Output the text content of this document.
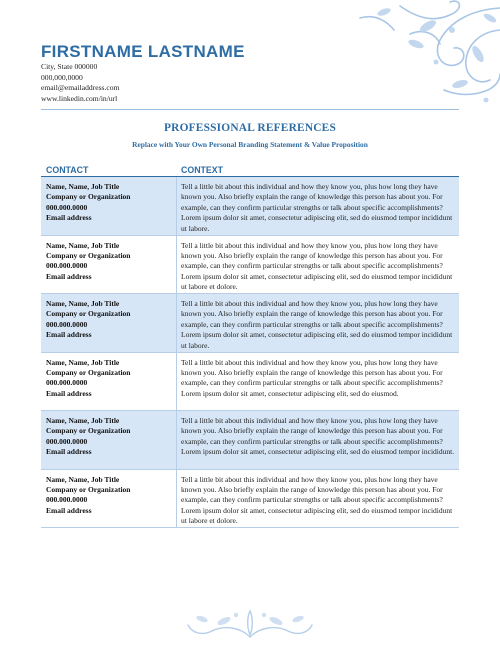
FIRSTNAME LASTNAME
City, State 000000
000,000,0000
email@emailaddress.com
www.linkedin.com/in/url
PROFESSIONAL REFERENCES
Replace with Your Own Personal Branding Statement & Value Proposition
CONTACT	CONTEXT
Name, Name, Job Title
Company or Organization
000.000.0000
Email address
Tell a little bit about this individual and how they know you, plus how long they have known you. Also briefly explain the range of knowledge this person has about you. For example, can they confirm particular strengths or talk about specific accomplishments? Lorem ipsum dolor sit amet, consectetur adipiscing elit, sed do eiusmod tempor incididunt ut labore.
Name, Name, Job Title
Company or Organization
000.000.0000
Email address
Tell a little bit about this individual and how they know you, plus how long they have known you. Also briefly explain the range of knowledge this person has about you. For example, can they confirm particular strengths or talk about specific accomplishments? Lorem ipsum dolor sit amet, consectetur adipiscing elit, sed do eiusmod tempor incididunt ut labore et dolore.
Name, Name, Job Title
Company or Organization
000.000.0000
Email address
Tell a little bit about this individual and how they know you, plus how long they have known you. Also briefly explain the range of knowledge this person has about you. For example, can they confirm particular strengths or talk about specific accomplishments? Lorem ipsum dolor sit amet, consectetur adipiscing elit, sed do eiusmod tempor incididunt ut labore.
Name, Name, Job Title
Company or Organization
000.000.0000
Email address
Tell a little bit about this individual and how they know you, plus how long they have known you. Also briefly explain the range of knowledge this person has about you. For example, can they confirm particular strengths or talk about specific accomplishments? Lorem ipsum dolor sit amet, consectetur adipiscing elit, sed do eiusmod.
Name, Name, Job Title
Company or Organization
000.000.0000
Email address
Tell a little bit about this individual and how they know you, plus how long they have known you. Also briefly explain the range of knowledge this person has about you. For example, can they confirm particular strengths or talk about specific accomplishments? Lorem ipsum dolor sit amet, consectetur adipiscing elit, sed do eiusmod tempor incididunt.
Name, Name, Job Title
Company or Organization
000.000.0000
Email address
Tell a little bit about this individual and how they know you, plus how long they have known you. Also briefly explain the range of knowledge this person has about you. For example, can they confirm particular strengths or talk about specific accomplishments? Lorem ipsum dolor sit amet, consectetur adipiscing elit, sed do eiusmod tempor incididunt ut labore et dolore.
